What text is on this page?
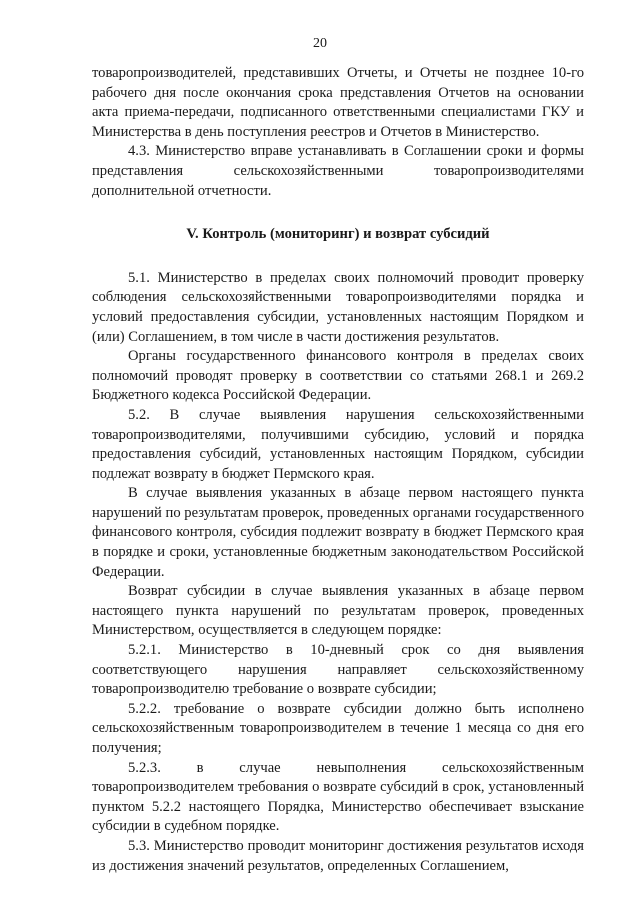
20

товаропроизводителей, представивших Отчеты, и Отчеты не позднее 10-го рабочего дня после окончания срока представления Отчетов на основании акта приема-передачи, подписанного ответственными специалистами ГКУ и Министерства в день поступления реестров и Отчетов в Министерство.

4.3. Министерство вправе устанавливать в Соглашении сроки и формы представления сельскохозяйственными товаропроизводителями дополнительной отчетности.

V. Контроль (мониторинг) и возврат субсидий

5.1. Министерство в пределах своих полномочий проводит проверку соблюдения сельскохозяйственными товаропроизводителями порядка и условий предоставления субсидии, установленных настоящим Порядком и (или) Соглашением, в том числе в части достижения результатов.

Органы государственного финансового контроля в пределах своих полномочий проводят проверку в соответствии со статьями 268.1 и 269.2 Бюджетного кодекса Российской Федерации.

5.2. В случае выявления нарушения сельскохозяйственными товаропроизводителями, получившими субсидию, условий и порядка предоставления субсидий, установленных настоящим Порядком, субсидии подлежат возврату в бюджет Пермского края.

В случае выявления указанных в абзаце первом настоящего пункта нарушений по результатам проверок, проведенных органами государственного финансового контроля, субсидия подлежит возврату в бюджет Пермского края в порядке и сроки, установленные бюджетным законодательством Российской Федерации.

Возврат субсидии в случае выявления указанных в абзаце первом настоящего пункта нарушений по результатам проверок, проведенных Министерством, осуществляется в следующем порядке:

5.2.1. Министерство в 10-дневный срок со дня выявления соответствующего нарушения направляет сельскохозяйственному товаропроизводителю требование о возврате субсидии;

5.2.2. требование о возврате субсидии должно быть исполнено сельскохозяйственным товаропроизводителем в течение 1 месяца со дня его получения;

5.2.3. в случае невыполнения сельскохозяйственным товаропроизводителем требования о возврате субсидий в срок, установленный пунктом 5.2.2 настоящего Порядка, Министерство обеспечивает взыскание субсидии в судебном порядке.

5.3. Министерство проводит мониторинг достижения результатов исходя из достижения значений результатов, определенных Соглашением,
